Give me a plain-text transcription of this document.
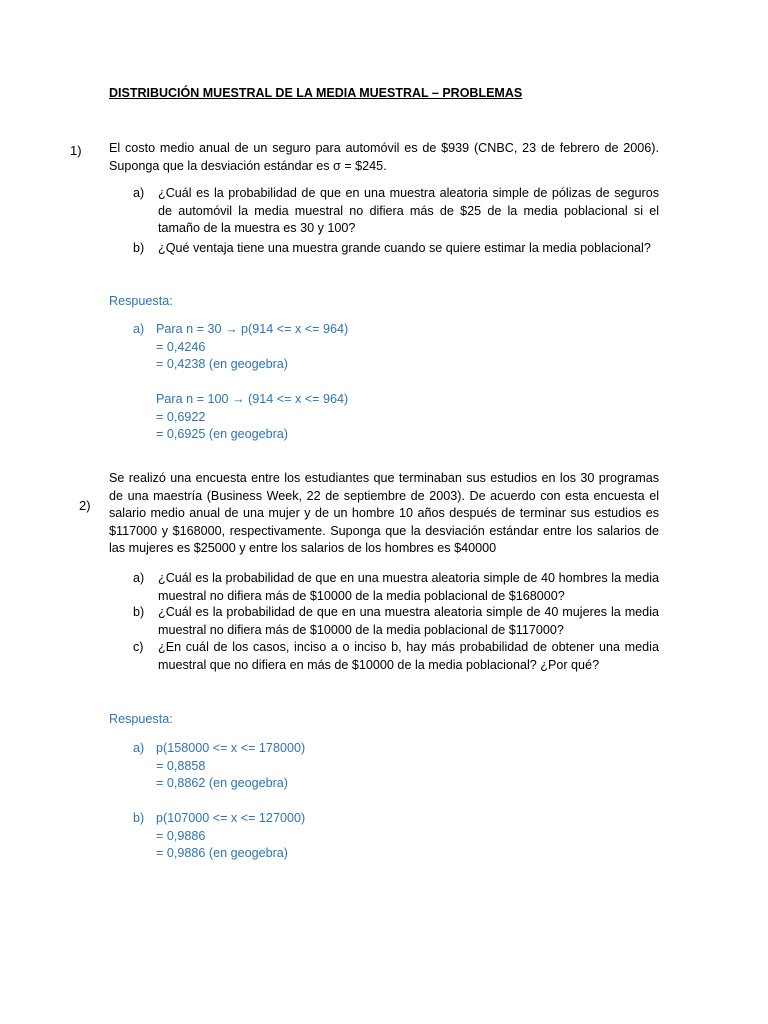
DISTRIBUCIÓN MUESTRAL DE LA MEDIA MUESTRAL – PROBLEMAS
1) El costo medio anual de un seguro para automóvil es de $939 (CNBC, 23 de febrero de 2006). Suponga que la desviación estándar es σ = $245.
a)	¿Cuál es la probabilidad de que en una muestra aleatoria simple de pólizas de seguros de automóvil la media muestral no difiera más de $25 de la media poblacional si el tamaño de la muestra es 30 y 100?
b)	¿Qué ventaja tiene una muestra grande cuando se quiere estimar la media poblacional?
Respuesta:
a) Para n = 30 → p(914 <= x <= 964)
= 0,4246
= 0,4238 (en geogebra)
Para n = 100 → (914 <= x <= 964)
= 0,6922
= 0,6925 (en geogebra)
2)
Se realizó una encuesta entre los estudiantes que terminaban sus estudios en los 30 programas de una maestría (Business Week, 22 de septiembre de 2003). De acuerdo con esta encuesta el salario medio anual de una mujer y de un hombre 10 años después de terminar sus estudios es $117000 y $168000, respectivamente. Suponga que la desviación estándar entre los salarios de las mujeres es $25000 y entre los salarios de los hombres es $40000
a)	¿Cuál es la probabilidad de que en una muestra aleatoria simple de 40 hombres la media muestral no difiera más de $10000 de la media poblacional de $168000?
b)	¿Cuál es la probabilidad de que en una muestra aleatoria simple de 40 mujeres la media muestral no difiera más de $10000 de la media poblacional de $117000?
c)	¿En cuál de los casos, inciso a o inciso b, hay más probabilidad de obtener una media muestral que no difiera en más de $10000 de la media poblacional? ¿Por qué?
Respuesta:
a) p(158000 <= x <= 178000)
= 0,8858
= 0,8862 (en geogebra)
b) p(107000 <= x <= 127000)
= 0,9886
= 0,9886 (en geogebra)
